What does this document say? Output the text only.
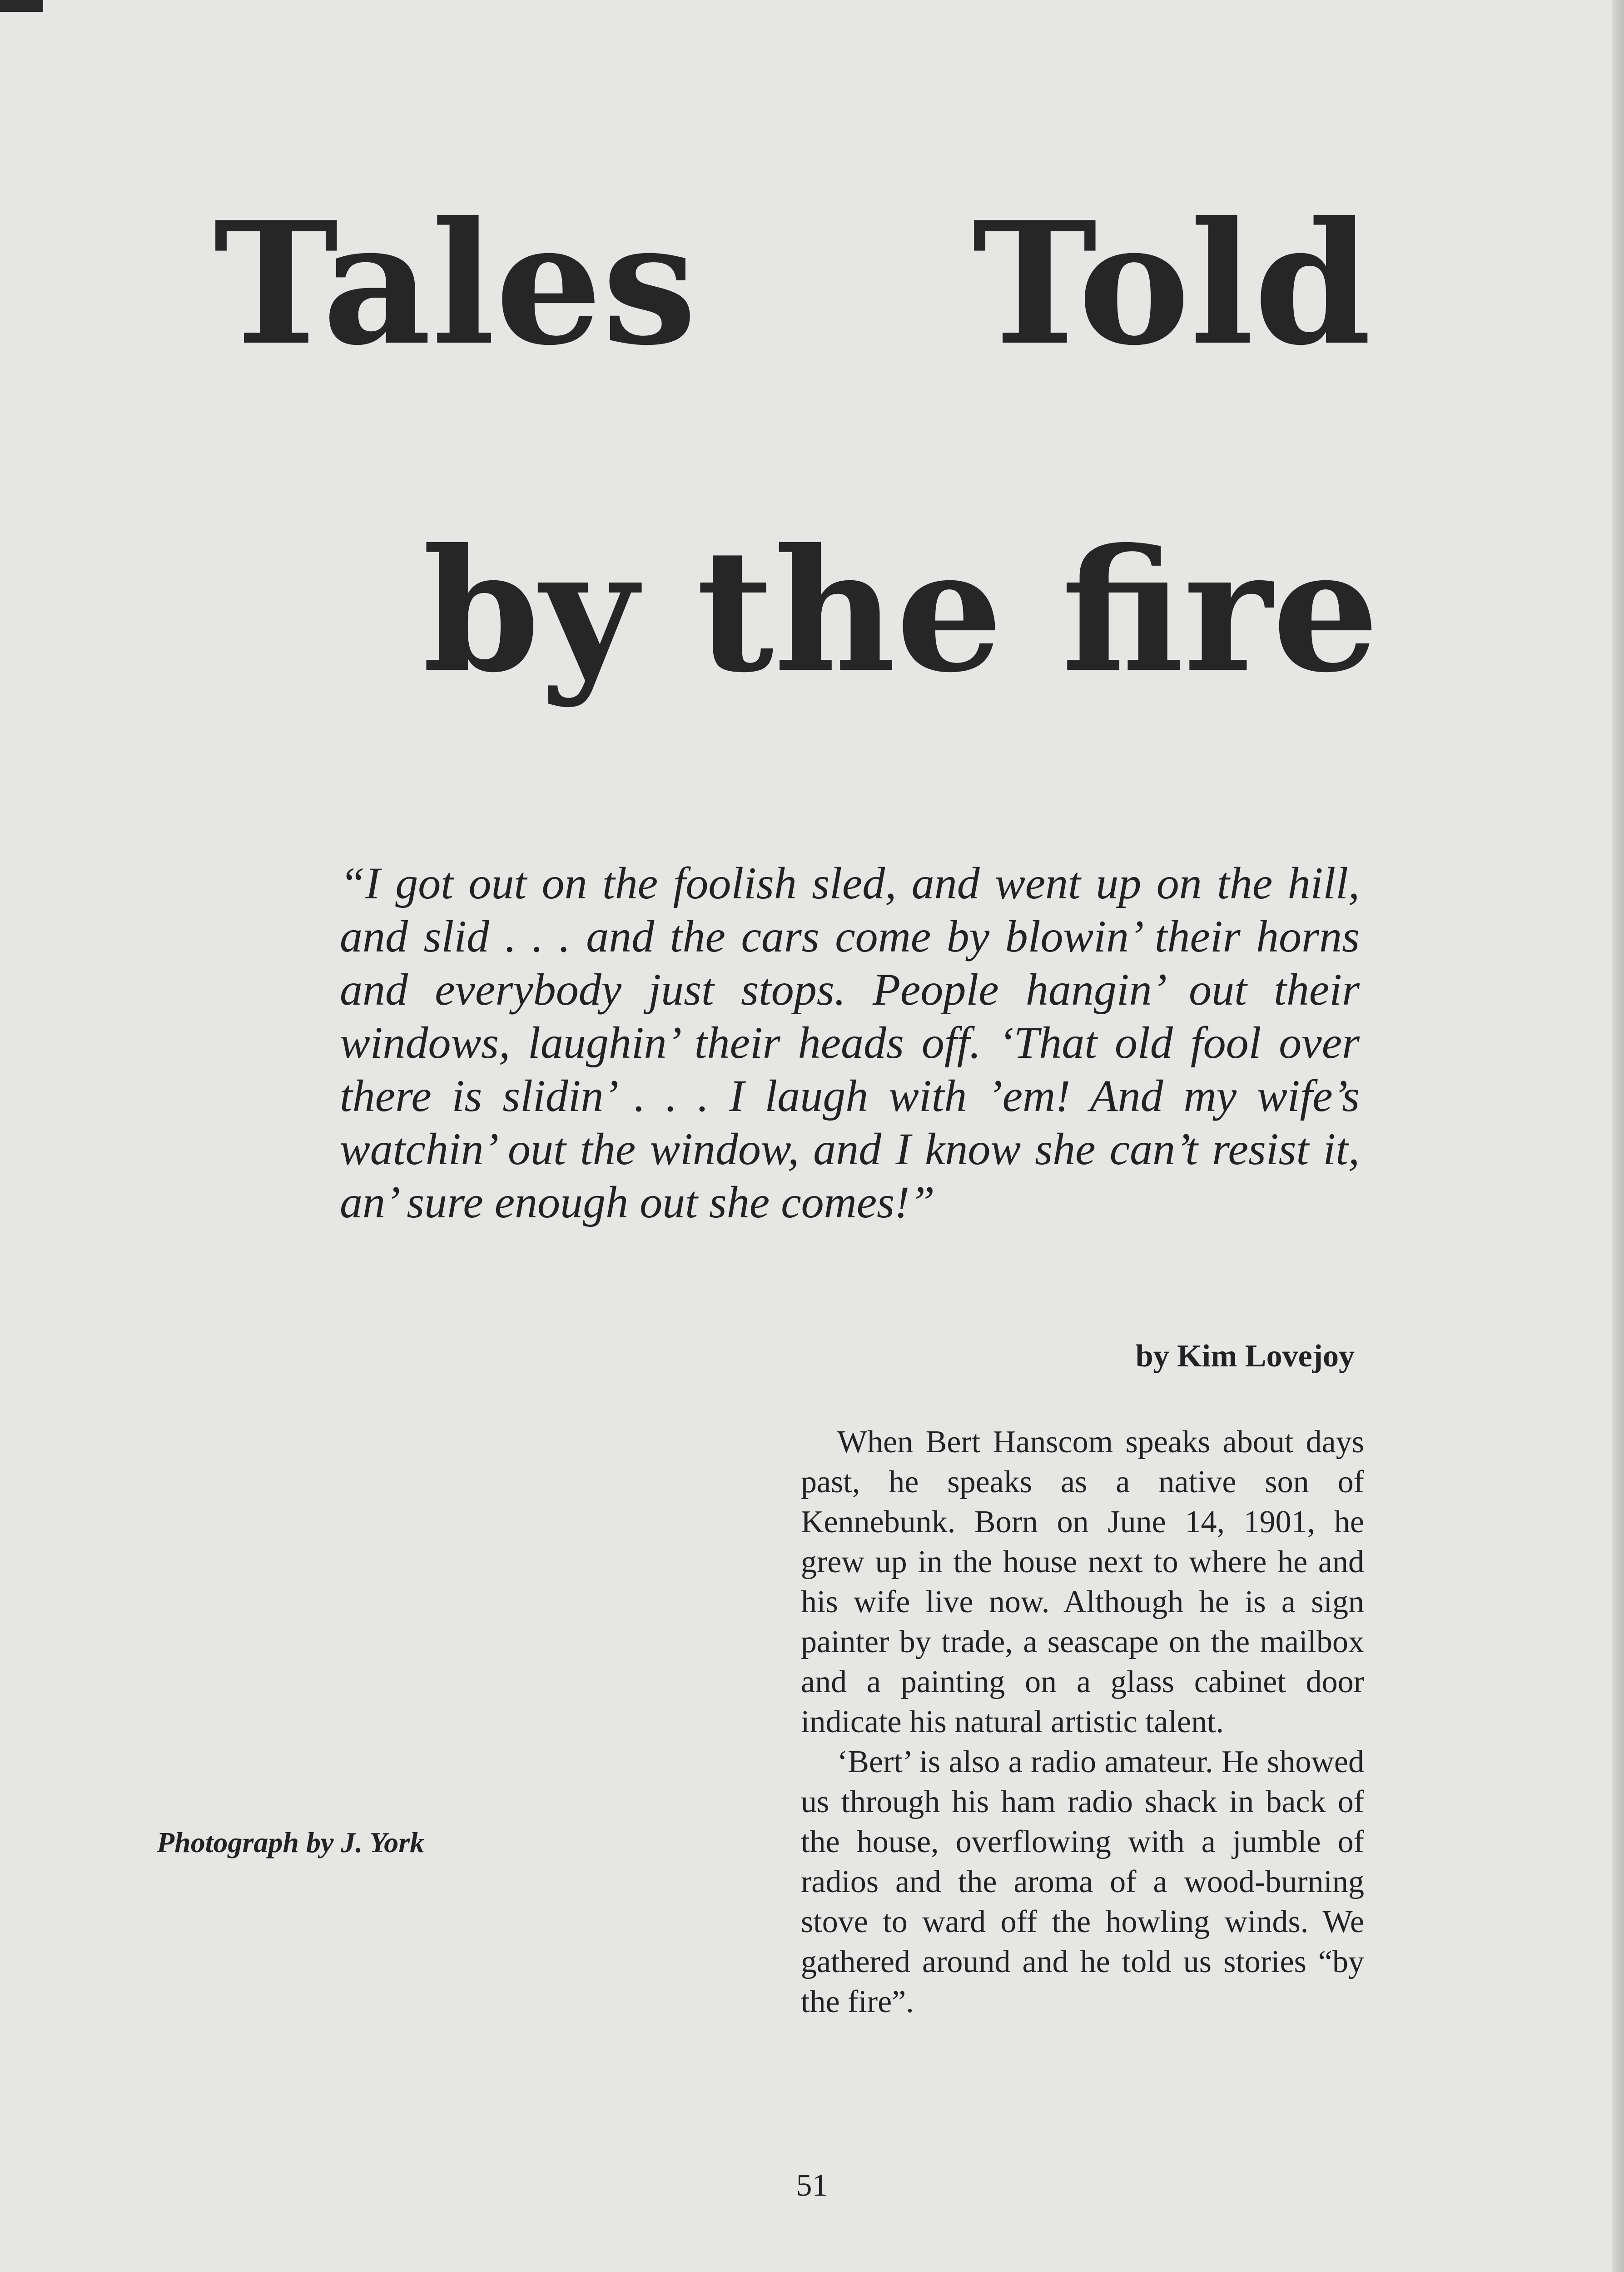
Tales Told
by the fire

“I got out on the foolish sled, and went up on the hill, and slid . . . and the cars come by blowin’ their horns and everybody just stops. People hangin’ out their windows, laughin’ their heads off. ‘That old fool over there is slidin’ . . . I laugh with ’em! And my wife’s watchin’ out the window, and I know she can’t resist it, an’ sure enough out she comes!”

by Kim Lovejoy

Photograph by J. York

When Bert Hanscom speaks about days past, he speaks as a native son of Kennebunk. Born on June 14, 1901, he grew up in the house next to where he and his wife live now. Although he is a sign painter by trade, a seascape on the mailbox and a painting on a glass cabinet door indicate his natural artistic talent.

‘Bert’ is also a radio amateur. He showed us through his ham radio shack in back of the house, overflowing with a jumble of radios and the aroma of a wood-burning stove to ward off the howling winds. We gathered around and he told us stories “by the fire”.

51
